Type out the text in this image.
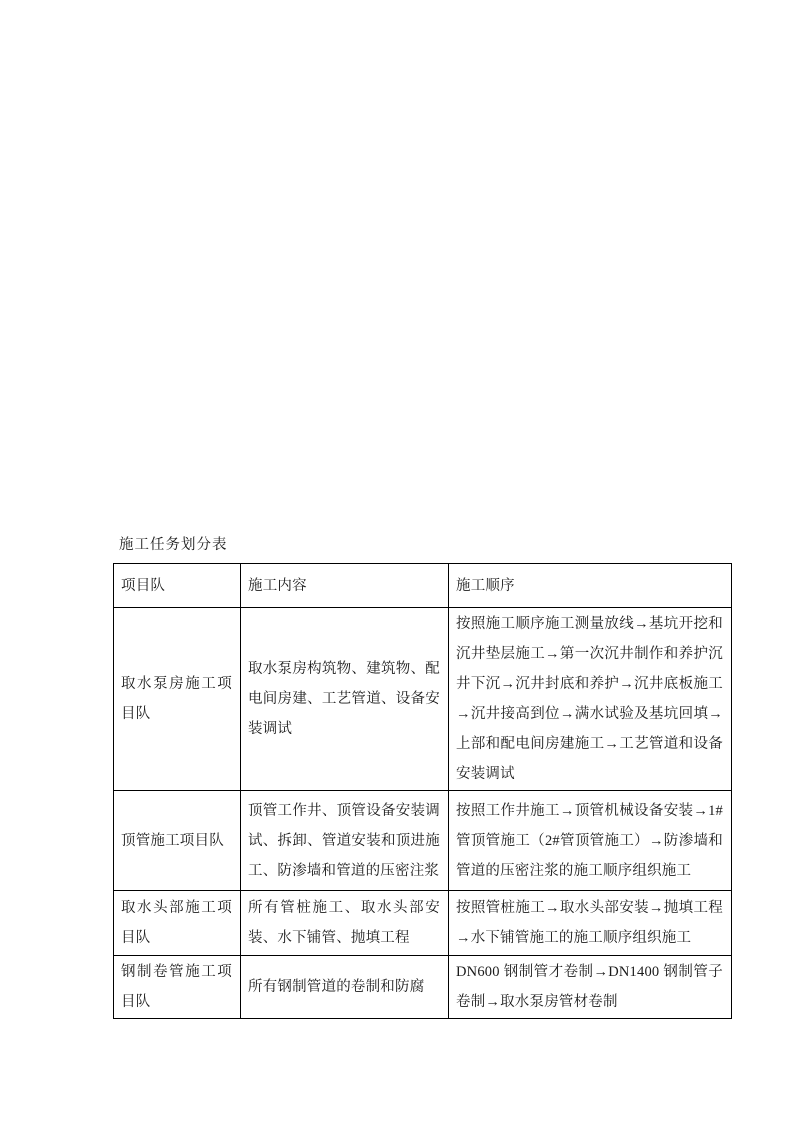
施工任务划分表
项目队	施工内容	施工顺序
取水泵房施工项目队	取水泵房构筑物、建筑物、配电间房建、工艺管道、设备安装调试	按照施工顺序施工测量放线→基坑开挖和沉井垫层施工→第一次沉井制作和养护沉井下沉→沉井封底和养护→沉井底板施工→沉井接高到位→满水试验及基坑回填→上部和配电间房建施工→工艺管道和设备安装调试
顶管施工项目队	顶管工作井、顶管设备安装调试、拆卸、管道安装和顶进施工、防渗墙和管道的压密注浆	按照工作井施工→顶管机械设备安装→1#管顶管施工（2#管顶管施工）→防渗墙和管道的压密注浆的施工顺序组织施工
取水头部施工项目队	所有管桩施工、取水头部安装、水下铺管、抛填工程	按照管桩施工→取水头部安装→抛填工程→水下铺管施工的施工顺序组织施工
钢制卷管施工项目队	所有钢制管道的卷制和防腐	DN600 钢制管才卷制→DN1400 钢制管子卷制→取水泵房管材卷制
